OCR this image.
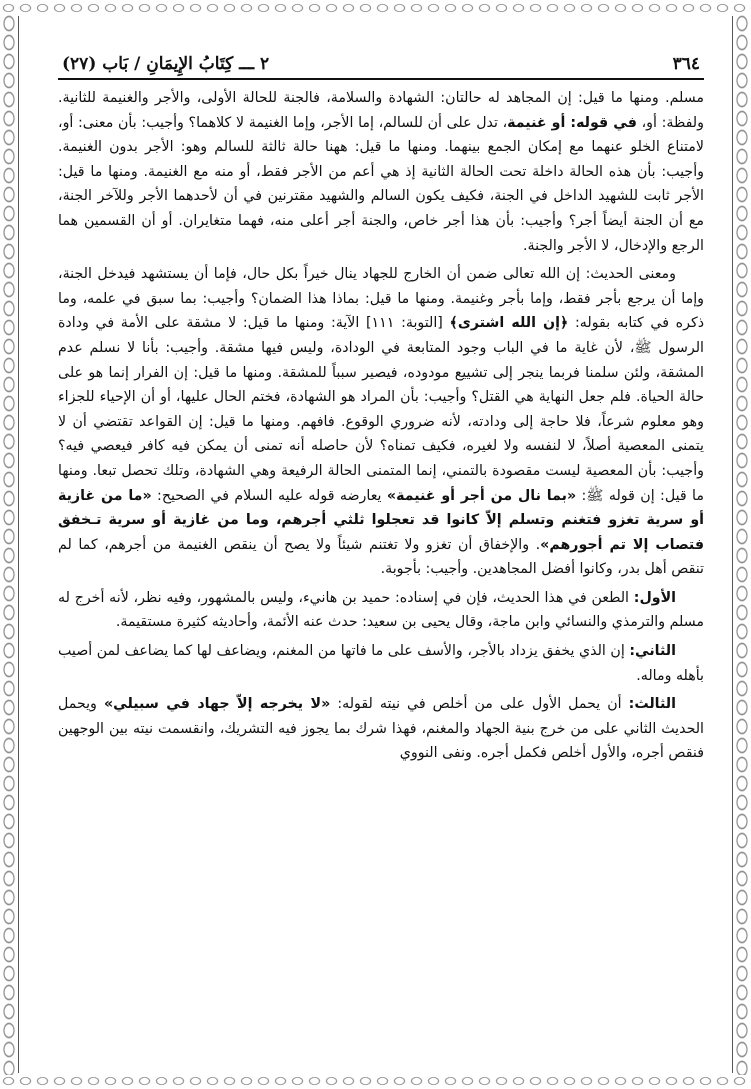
٣٦٤
٢ ـــ كِتَابُ الإِيمَانِ / بَاب (٢٧)

مسلم. ومنها ما قيل: إن المجاهد له حالتان: الشهادة والسلامة، فالجنة للحالة الأولى، والأجر والغنيمة للثانية. ولفظة: أو، في قوله: أو غنيمة، تدل على أن للسالم، إما الأجر، وإما الغنيمة لا كلاهما؟ وأجيب: بأن معنى: أو، لامتناع الخلو عنهما مع إمكان الجمع بينهما. ومنها ما قيل: ههنا حالة ثالثة للسالم وهو: الأجر بدون الغنيمة. وأجيب: بأن هذه الحالة داخلة تحت الحالة الثانية إذ هي أعم من الأجر فقط، أو منه مع الغنيمة. ومنها ما قيل: الأجر ثابت للشهيد الداخل في الجنة، فكيف يكون السالم والشهيد مقترنين في أن لأحدهما الأجر وللآخر الجنة، مع أن الجنة أيضاً أجر؟ وأجيب: بأن هذا أجر خاص، والجنة أجر أعلى منه، فهما متغايران. أو أن القسمين هما الرجع والإدخال، لا الأجر والجنة.

ومعنى الحديث: إن الله تعالى ضمن أن الخارج للجهاد ينال خيراً بكل حال، فإما أن يستشهد فيدخل الجنة، وإما أن يرجع بأجر فقط، وإما بأجر وغنيمة. ومنها ما قيل: بماذا هذا الضمان؟ وأجيب: بما سبق في علمه، وما ذكره في كتابه بقوله: ﴿إن الله اشترى﴾ [التوبة: ١١١] الآية: ومنها ما قيل: لا مشقة على الأمة في ودادة الرسول ﷺ، لأن غاية ما في الباب وجود المتابعة في الودادة، وليس فيها مشقة. وأجيب: بأنا لا نسلم عدم المشقة، ولئن سلمنا فربما ينجر إلى تشييع مودوده، فيصير سبباً للمشقة. ومنها ما قيل: إن الفرار إنما هو على حالة الحياة. فلم جعل النهاية هي القتل؟ وأجيب: بأن المراد هو الشهادة، فختم الحال عليها، أو أن الإحياء للجزاء وهو معلوم شرعاً، فلا حاجة إلى ودادته، لأنه ضروري الوقوع. فافهم. ومنها ما قيل: إن القواعد تقتضي أن لا يتمنى المعصية أصلاً، لا لنفسه ولا لغيره، فكيف تمناه؟ لأن حاصله أنه تمنى أن يمكن فيه كافر فيعصي فيه؟ وأجيب: بأن المعصية ليست مقصودة بالتمني، إنما المتمنى الحالة الرفيعة وهي الشهادة، وتلك تحصل تبعا. ومنها ما قيل: إن قوله ﷺ: «بما نال من أجر أو غنيمة» يعارضه قوله عليه السلام في الصحيح: «ما من غازية أو سرية تغزو فتغنم وتسلم إلاّ كانوا قد تعجلوا ثلثي أجرهم، وما من غازية أو سرية تـخفق فتصاب إلا تم أجورهم». والإخفاق أن تغزو ولا تغتنم شيئاً ولا يصح أن ينقص الغنيمة من أجرهم، كما لم تنقص أهل بدر، وكانوا أفضل المجاهدين. وأجيب: بأجوبة.

الأول: الطعن في هذا الحديث، فإن في إسناده: حميد بن هانيء، وليس بالمشهور، وفيه نظر، لأنه أخرج له مسلم والترمذي والنسائي وابن ماجة، وقال يحيى بن سعيد: حدث عنه الأئمة، وأحاديثه كثيرة مستقيمة.

الثاني: إن الذي يخفق يزداد بالأجر، والأسف على ما فاتها من المغنم، ويضاعف لها كما يضاعف لمن أصيب بأهله وماله.

الثالث: أن يحمل الأول على من أخلص في نيته لقوله: «لا يخرجه إلاّ جهاد في سبيلي» ويحمل الحديث الثاني على من خرج بنية الجهاد والمغنم، فهذا شرك بما يجوز فيه التشريك، وانقسمت نيته بين الوجهين فنقص أجره، والأول أخلص فكمل أجره. ونفى النووي
